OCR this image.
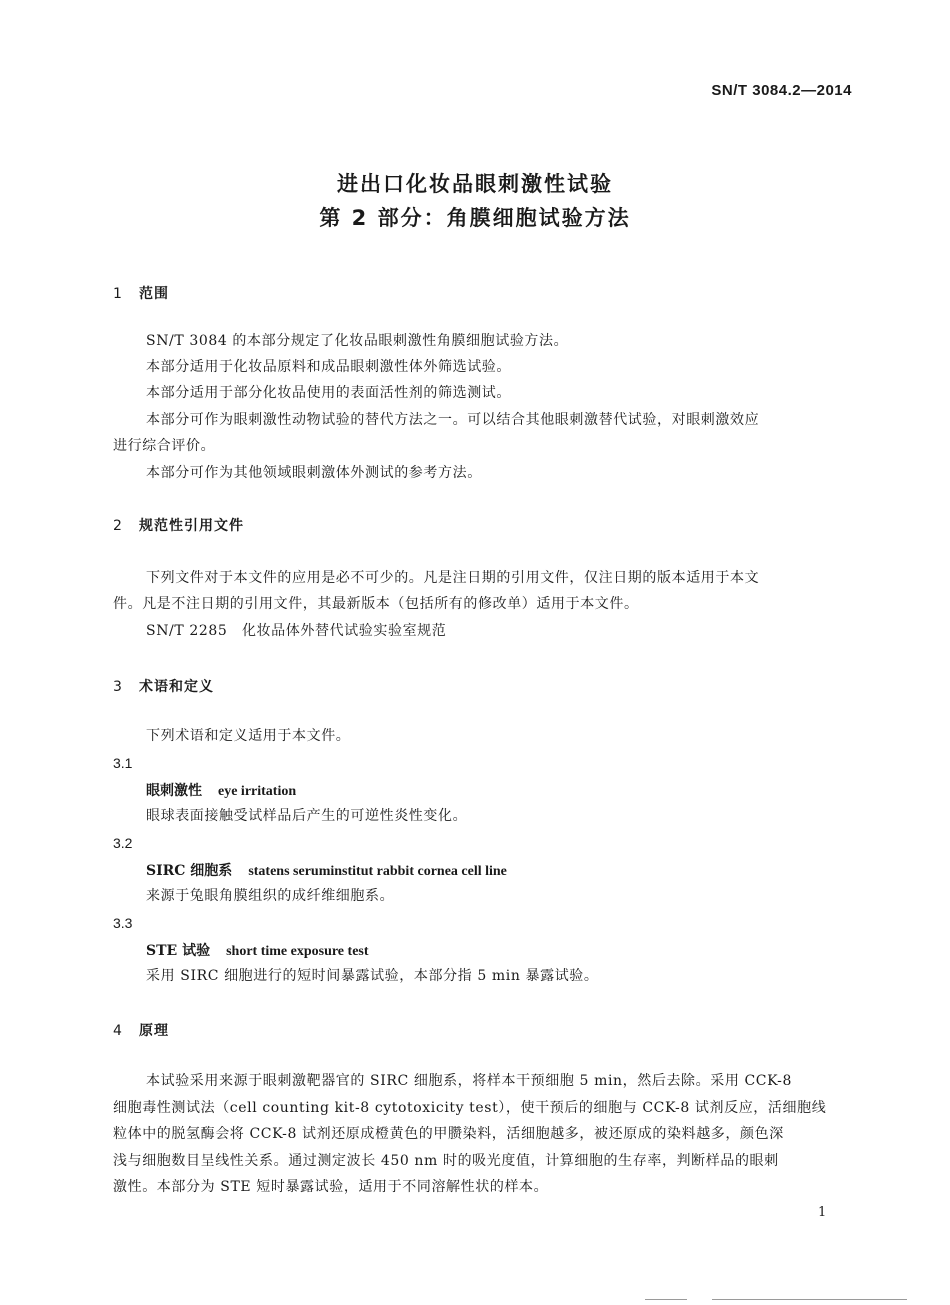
SN/T 3084.2—2014
进出口化妆品眼刺激性试验
第 2 部分：角膜细胞试验方法
1 范围
SN/T 3084 的本部分规定了化妆品眼刺激性角膜细胞试验方法。
本部分适用于化妆品原料和成品眼刺激性体外筛选试验。
本部分适用于部分化妆品使用的表面活性剂的筛选测试。
本部分可作为眼刺激性动物试验的替代方法之一。可以结合其他眼刺激替代试验，对眼刺激效应
进行综合评价。
本部分可作为其他领域眼刺激体外测试的参考方法。
2 规范性引用文件
下列文件对于本文件的应用是必不可少的。凡是注日期的引用文件，仅注日期的版本适用于本文
件。凡是不注日期的引用文件，其最新版本（包括所有的修改单）适用于本文件。
SN/T 2285　化妆品体外替代试验实验室规范
3 术语和定义
下列术语和定义适用于本文件。
3.1
眼刺激性 eye irritation
眼球表面接触受试样品后产生的可逆性炎性变化。
3.2
SIRC 细胞系 statens seruminstitut rabbit cornea cell line
来源于兔眼角膜组织的成纤维细胞系。
3.3
STE 试验 short time exposure test
采用 SIRC 细胞进行的短时间暴露试验，本部分指 5 min 暴露试验。
4 原理
本试验采用来源于眼刺激靶器官的 SIRC 细胞系，将样本干预细胞 5 min，然后去除。采用 CCK-8
细胞毒性测试法（cell counting kit-8 cytotoxicity test），使干预后的细胞与 CCK-8 试剂反应，活细胞线
粒体中的脱氢酶会将 CCK-8 试剂还原成橙黄色的甲臜染料，活细胞越多，被还原成的染料越多，颜色深
浅与细胞数目呈线性关系。通过测定波长 450 nm 时的吸光度值，计算细胞的生存率，判断样品的眼刺
激性。本部分为 STE 短时暴露试验，适用于不同溶解性状的样本。
1
